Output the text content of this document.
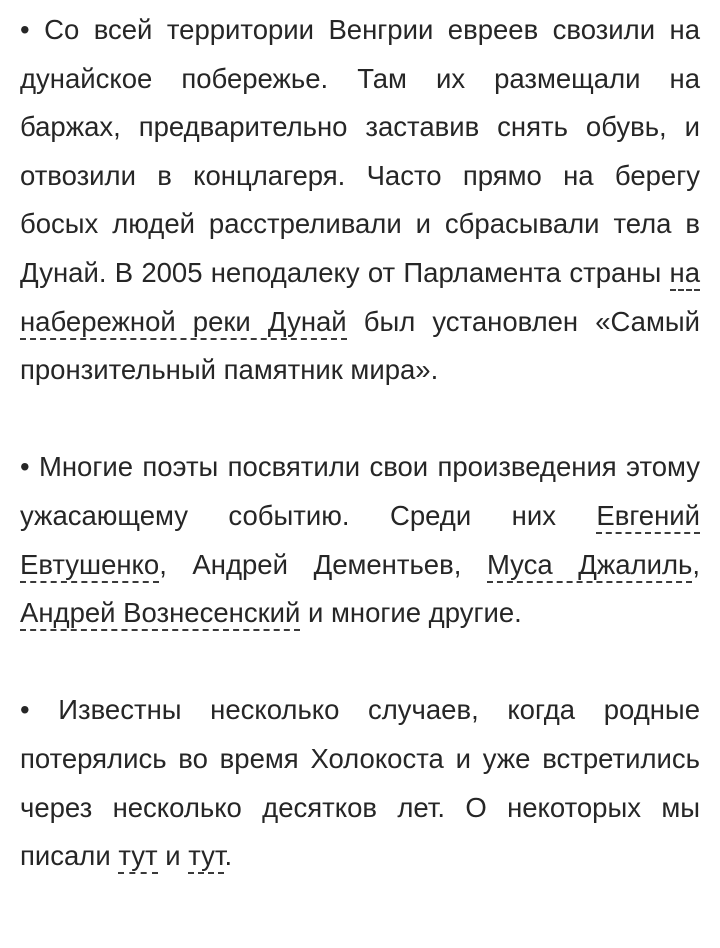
• Со всей территории Венгрии евреев свозили на дунайское побережье. Там их размещали на баржах, предварительно заставив снять обувь, и отвозили в концлагеря. Часто прямо на берегу босых людей расстреливали и сбрасывали тела в Дунай. В 2005 неподалеку от Парламента страны на набережной реки Дунай был установлен «Самый пронзительный памятник мира».

• Многие поэты посвятили свои произведения этому ужасающему событию. Среди них Евгений Евтушенко, Андрей Дементьев, Муса Джалиль, Андрей Вознесенский и многие другие.

• Известны несколько случаев, когда родные потерялись во время Холокоста и уже встретились через несколько десятков лет. О некоторых мы писали тут и тут.
